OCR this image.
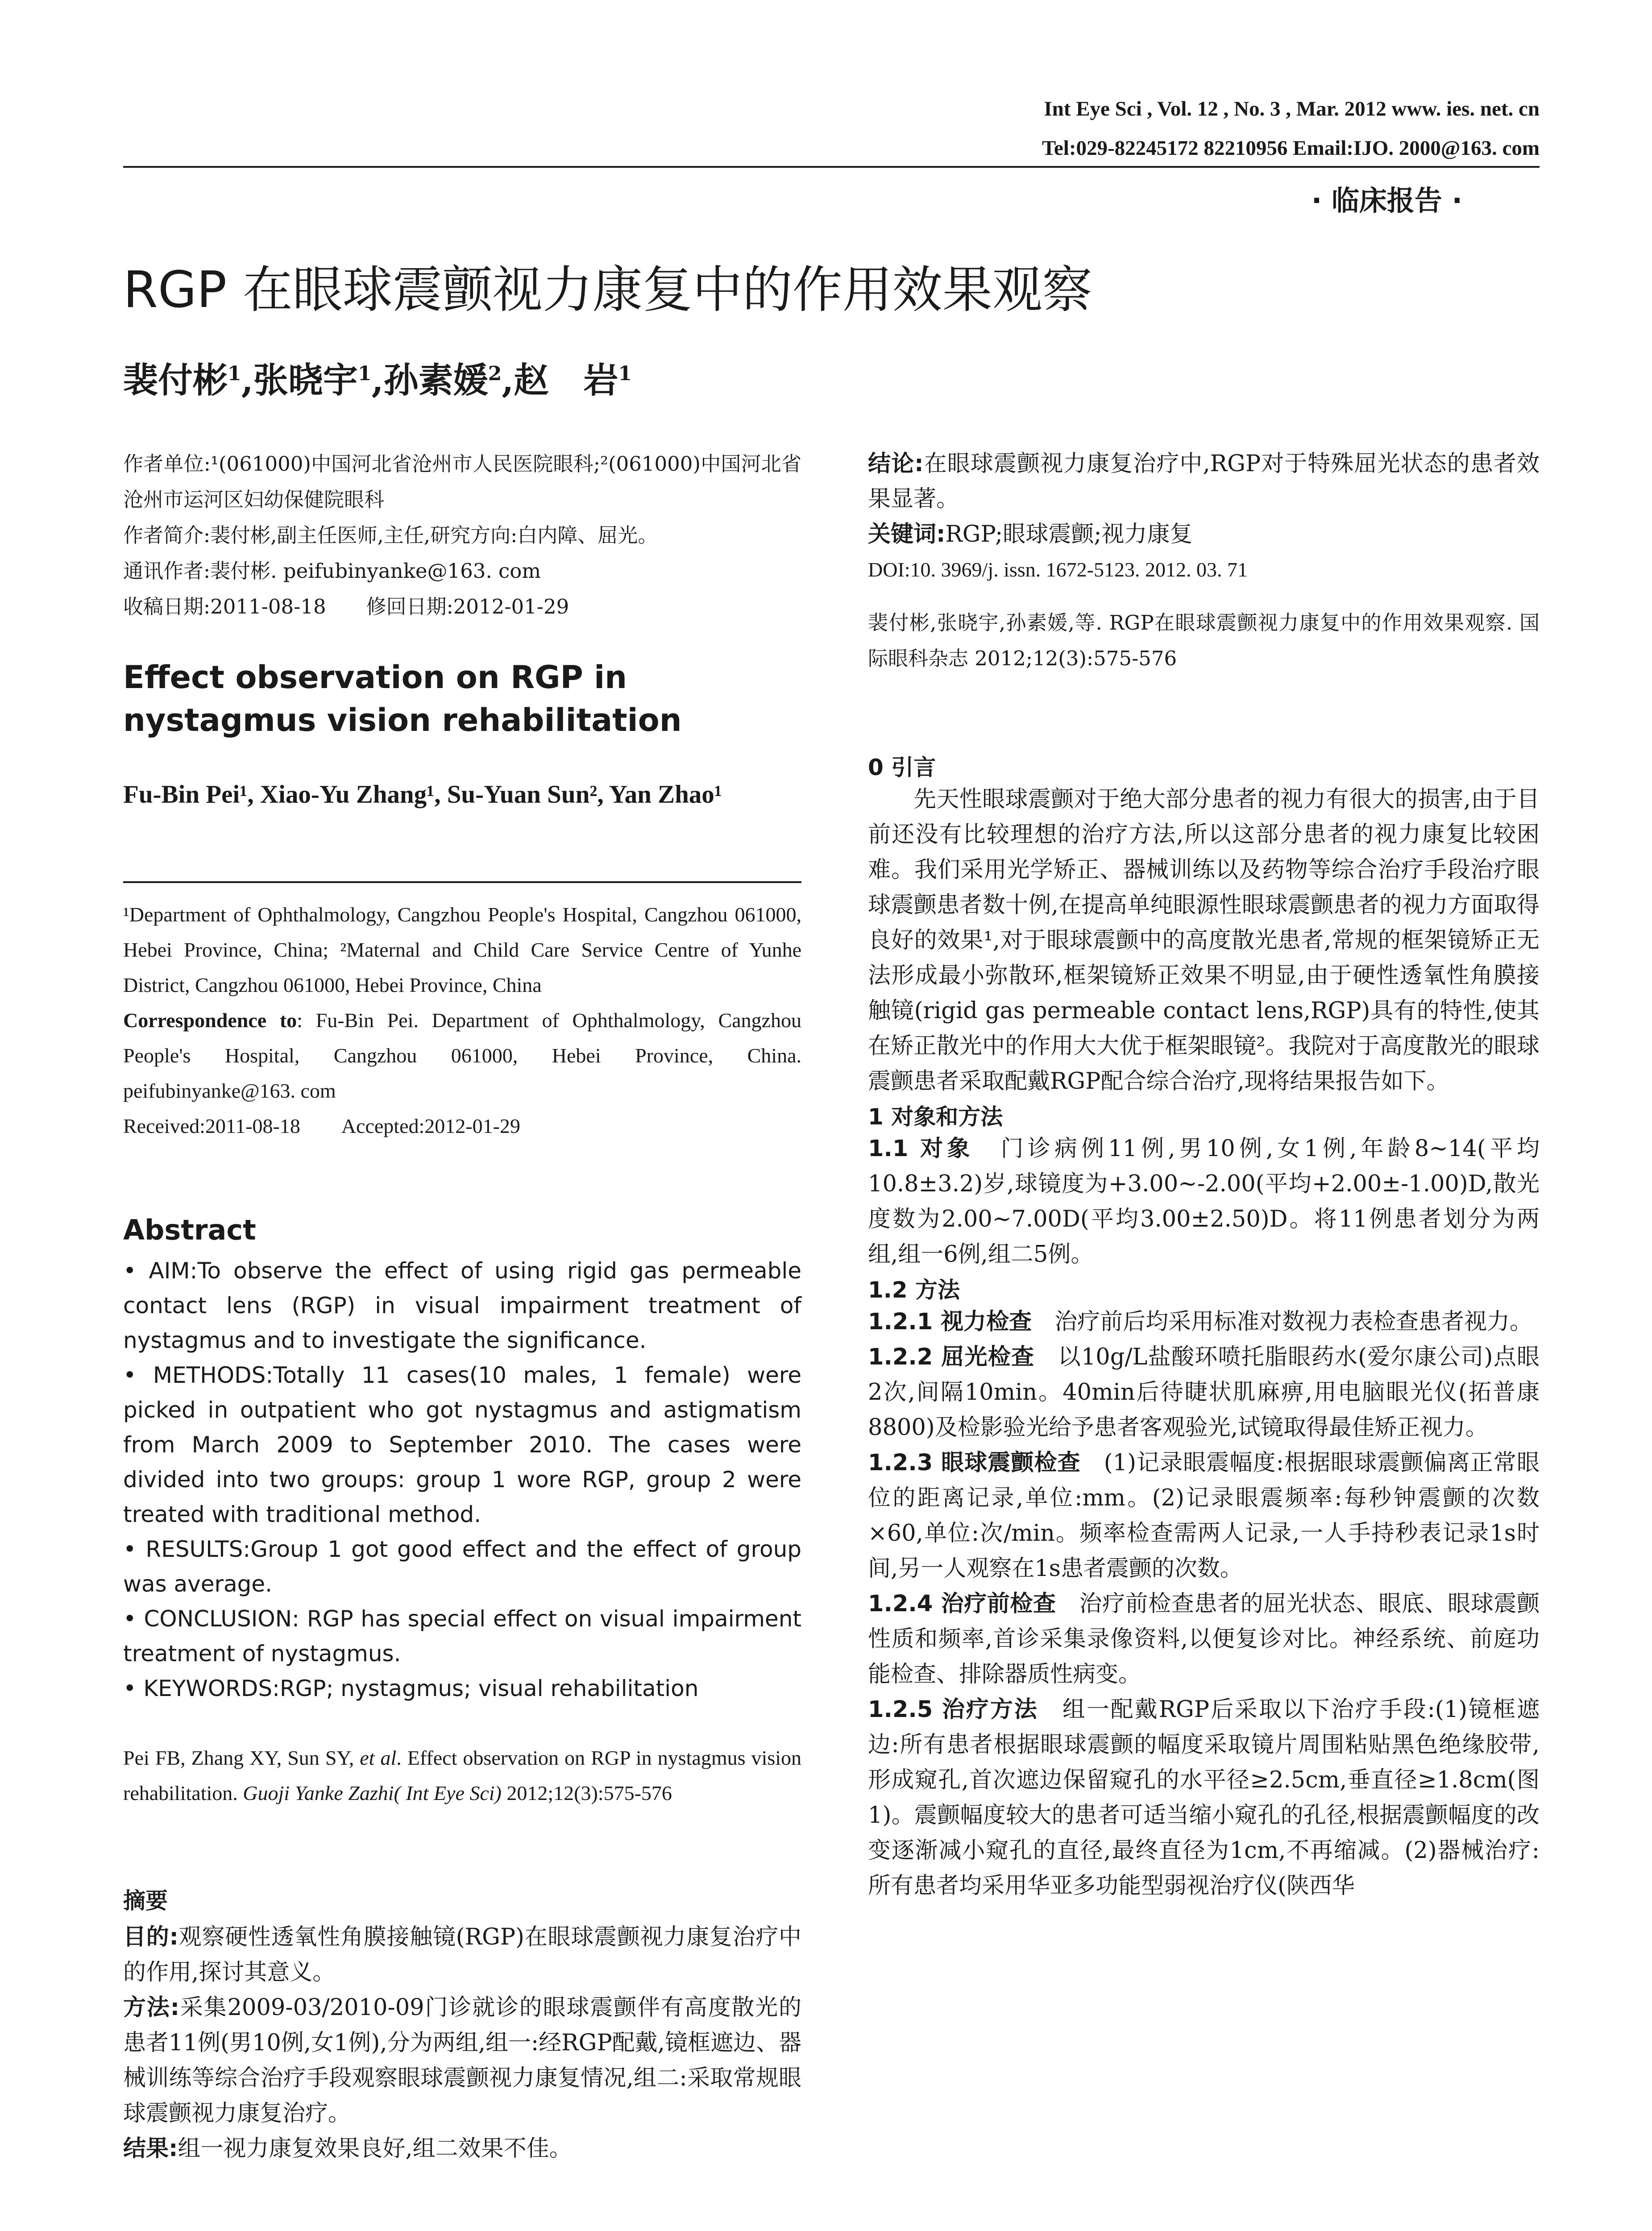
Int Eye Sci , Vol. 12 , No. 3 , Mar. 2012 www. ies. net. cn
Tel:029-82245172 82210956 Email:IJO. 2000@163. com
· 临床报告 ·
RGP 在眼球震颤视力康复中的作用效果观察
裴付彬$^1$,张晓宇$^1$,孙素媛$^2$,赵　岩$^1$

作者单位:¹(061000)中国河北省沧州市人民医院眼科;²(061000)中国河北省沧州市运河区妇幼保健院眼科

作者简介:裴付彬,副主任医师,主任,研究方向:白内障、屈光。

通讯作者:裴付彬. peifubinyanke@163. com

收稿日期:2011-08-18　　修回日期:2012-01-29

Effect observation on RGP in nystagmus vision rehabilitation

Fu-Bin Pei¹, Xiao-Yu Zhang¹, Su-Yuan Sun², Yan Zhao¹

¹Department of Ophthalmology, Cangzhou People's Hospital, Cangzhou 061000, Hebei Province, China; ²Maternal and Child Care Service Centre of Yunhe District, Cangzhou 061000, Hebei Province, China

Correspondence to: Fu-Bin Pei. Department of Ophthalmology, Cangzhou People's Hospital, Cangzhou 061000, Hebei Province, China. peifubinyanke@163. com

Received:2011-08-18　　Accepted:2012-01-29

Abstract

• AIM:To observe the effect of using rigid gas permeable contact lens (RGP) in visual impairment treatment of nystagmus and to investigate the significance.

• METHODS:Totally 11 cases(10 males, 1 female) were picked in outpatient who got nystagmus and astigmatism from March 2009 to September 2010. The cases were divided into two groups: group 1 wore RGP, group 2 were treated with traditional method.

• RESULTS:Group 1 got good effect and the effect of group was average.

• CONCLUSION: RGP has special effect on visual impairment treatment of nystagmus.

• KEYWORDS:RGP; nystagmus; visual rehabilitation

Pei FB, Zhang XY, Sun SY, et al. Effect observation on RGP in nystagmus vision rehabilitation. Guoji Yanke Zazhi( Int Eye Sci) 2012;12(3):575-576

摘要

目的:观察硬性透氧性角膜接触镜(RGP)在眼球震颤视力康复治疗中的作用,探讨其意义。

方法:采集2009-03/2010-09门诊就诊的眼球震颤伴有高度散光的患者11例(男10例,女1例),分为两组,组一:经RGP配戴,镜框遮边、器械训练等综合治疗手段观察眼球震颤视力康复情况,组二:采取常规眼球震颤视力康复治疗。

结果:组一视力康复效果良好,组二效果不佳。

结论:在眼球震颤视力康复治疗中,RGP对于特殊屈光状态的患者效果显著。

关键词:RGP;眼球震颤;视力康复

DOI:10. 3969/j. issn. 1672-5123. 2012. 03. 71

裴付彬,张晓宇,孙素媛,等. RGP在眼球震颤视力康复中的作用效果观察. 国际眼科杂志 2012;12(3):575-576

0 引言

先天性眼球震颤对于绝大部分患者的视力有很大的损害,由于目前还没有比较理想的治疗方法,所以这部分患者的视力康复比较困难。我们采用光学矫正、器械训练以及药物等综合治疗手段治疗眼球震颤患者数十例,在提高单纯眼源性眼球震颤患者的视力方面取得良好的效果¹,对于眼球震颤中的高度散光患者,常规的框架镜矫正无法形成最小弥散环,框架镜矫正效果不明显,由于硬性透氧性角膜接触镜(rigid gas permeable contact lens,RGP)具有的特性,使其在矫正散光中的作用大大优于框架眼镜²。我院对于高度散光的眼球震颤患者采取配戴RGP配合综合治疗,现将结果报告如下。

1 对象和方法

1.1 对象　 门诊病例11例,男10例,女1例,年龄8~14(平均10.8±3.2)岁,球镜度为+3.00~-2.00(平均+2.00±-1.00)D,散光度数为2.00~7.00D(平均3.00±2.50)D。将11例患者划分为两组,组一6例,组二5例。

1.2 方法

1.2.1 视力检查　 治疗前后均采用标准对数视力表检查患者视力。

1.2.2 屈光检查　 以10g/L盐酸环喷托脂眼药水(爱尔康公司)点眼2次,间隔10min。40min后待睫状肌麻痹,用电脑眼光仪(拓普康8800)及检影验光给予患者客观验光,试镜取得最佳矫正视力。

1.2.3 眼球震颤检查　 (1)记录眼震幅度:根据眼球震颤偏离正常眼位的距离记录,单位:mm。(2)记录眼震频率:每秒钟震颤的次数×60,单位:次/min。频率检查需两人记录,一人手持秒表记录1s时间,另一人观察在1s患者震颤的次数。

1.2.4 治疗前检查　 治疗前检查患者的屈光状态、眼底、眼球震颤性质和频率,首诊采集录像资料,以便复诊对比。神经系统、前庭功能检查、排除器质性病变。

1.2.5 治疗方法　 组一配戴RGP后采取以下治疗手段:(1)镜框遮边:所有患者根据眼球震颤的幅度采取镜片周围粘贴黑色绝缘胶带,形成窥孔,首次遮边保留窥孔的水平径≥2.5cm,垂直径≥1.8cm(图1)。震颤幅度较大的患者可适当缩小窥孔的孔径,根据震颤幅度的改变逐渐减小窥孔的直径,最终直径为1cm,不再缩减。(2)器械治疗:所有患者均采用华亚多功能型弱视治疗仪(陕西华
